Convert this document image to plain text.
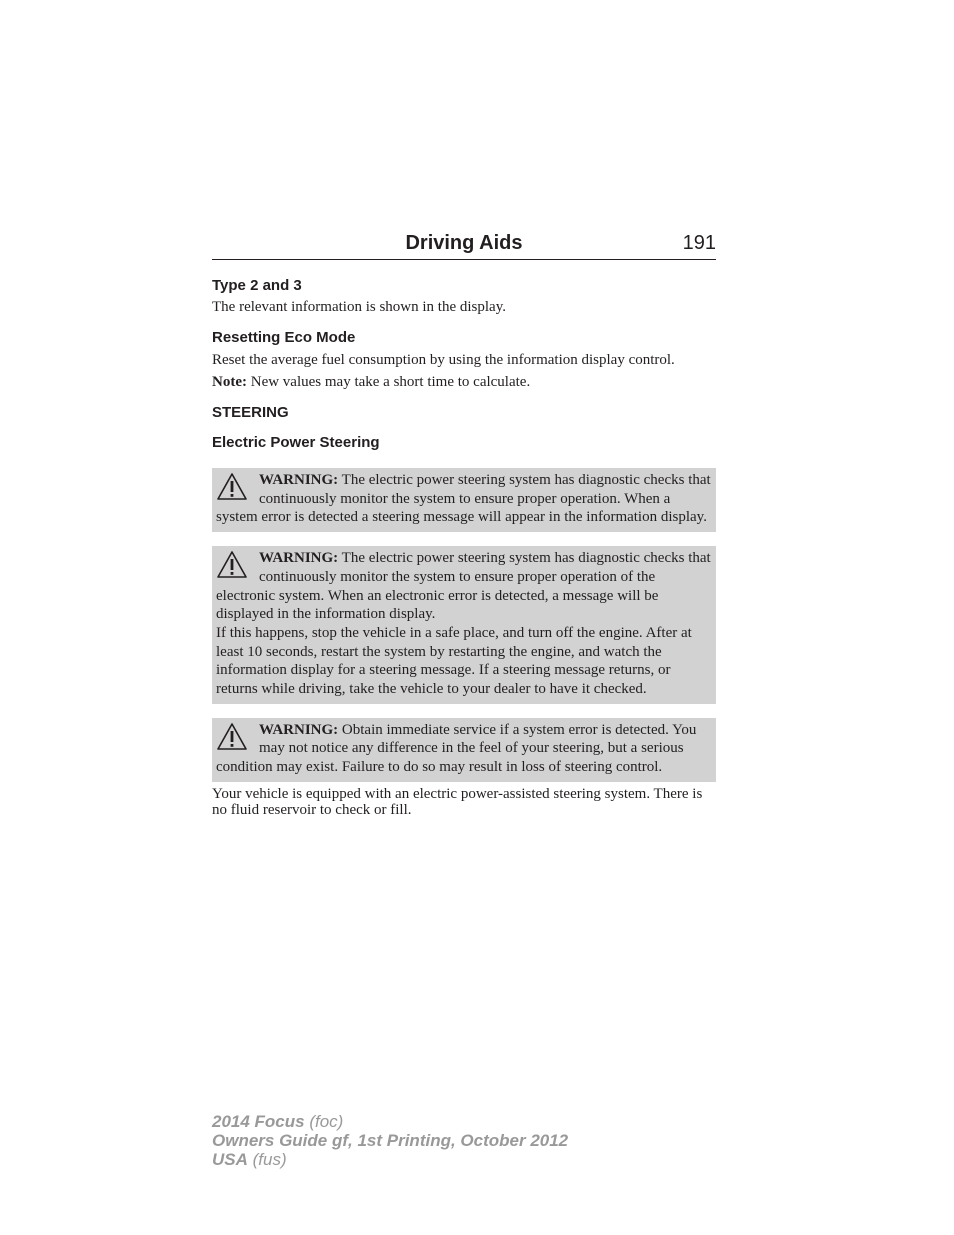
Driving Aids	191
Type 2 and 3

The relevant information is shown in the display.

Resetting Eco Mode

Reset the average fuel consumption by using the information display control.

Note: New values may take a short time to calculate.

STEERING
Electric Power Steering
WARNING: The electric power steering system has diagnostic checks that continuously monitor the system to ensure proper operation. When a system error is detected a steering message will appear in the information display.
WARNING: The electric power steering system has diagnostic checks that continuously monitor the system to ensure proper operation of the electronic system. When an electronic error is detected, a message will be displayed in the information display.
If this happens, stop the vehicle in a safe place, and turn off the engine. After at least 10 seconds, restart the system by restarting the engine, and watch the information display for a steering message. If a steering message returns, or returns while driving, take the vehicle to your dealer to have it checked.
WARNING: Obtain immediate service if a system error is detected. You may not notice any difference in the feel of your steering, but a serious condition may exist. Failure to do so may result in loss of steering control.

Your vehicle is equipped with an electric power-assisted steering system. There is no fluid reservoir to check or fill.

2014 Focus (foc)
Owners Guide gf, 1st Printing, October 2012
USA (fus)
